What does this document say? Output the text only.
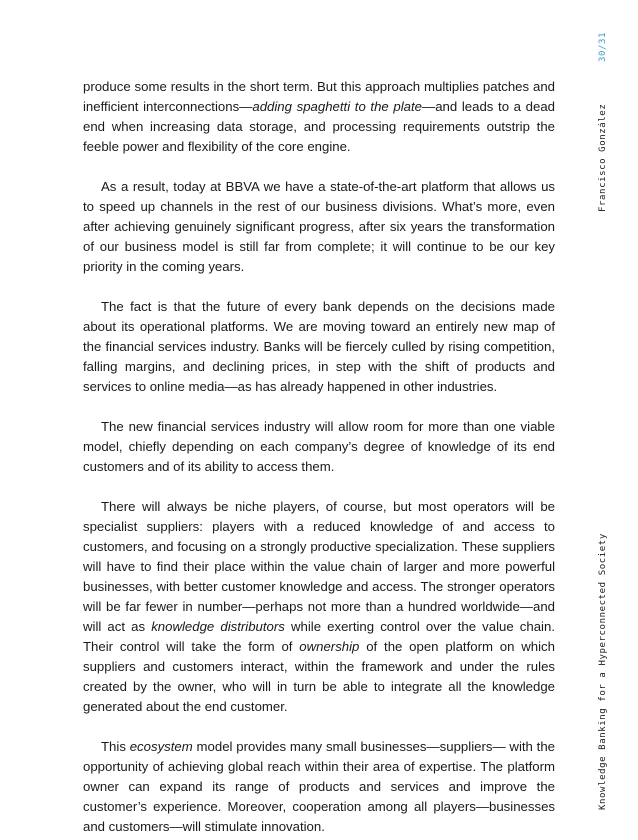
produce some results in the short term. But this approach multiplies patches and inefficient interconnections—adding spaghetti to the plate—and leads to a dead end when increasing data storage, and processing requirements outstrip the feeble power and flexibility of the core engine.

As a result, today at BBVA we have a state-of-the-art platform that allows us to speed up channels in the rest of our business divisions. What’s more, even after achieving genuinely significant progress, after six years the transformation of our business model is still far from complete; it will continue to be our key priority in the coming years.

The fact is that the future of every bank depends on the decisions made about its operational platforms. We are moving toward an entirely new map of the financial services industry. Banks will be fiercely culled by rising competition, falling margins, and declining prices, in step with the shift of products and services to online media—as has already happened in other industries.

The new financial services industry will allow room for more than one viable model, chiefly depending on each company’s degree of knowledge of its end customers and of its ability to access them.

There will always be niche players, of course, but most operators will be specialist suppliers: players with a reduced knowledge of and access to customers, and focusing on a strongly productive specialization. These suppliers will have to find their place within the value chain of larger and more powerful businesses, with better customer knowledge and access. The stronger operators will be far fewer in number—perhaps not more than a hundred worldwide—and will act as knowledge distributors while exerting control over the value chain. Their control will take the form of ownership of the open platform on which suppliers and customers interact, within the framework and under the rules created by the owner, who will in turn be able to integrate all the knowledge generated about the end customer.

This ecosystem model provides many small businesses—suppliers— with the opportunity of achieving global reach within their area of expertise. The platform owner can expand its range of products and services and improve the customer’s experience. Moreover, cooperation among all players—businesses and customers—will stimulate innovation.

30/31
Francisco González
Knowledge Banking for a Hyperconnected Society
